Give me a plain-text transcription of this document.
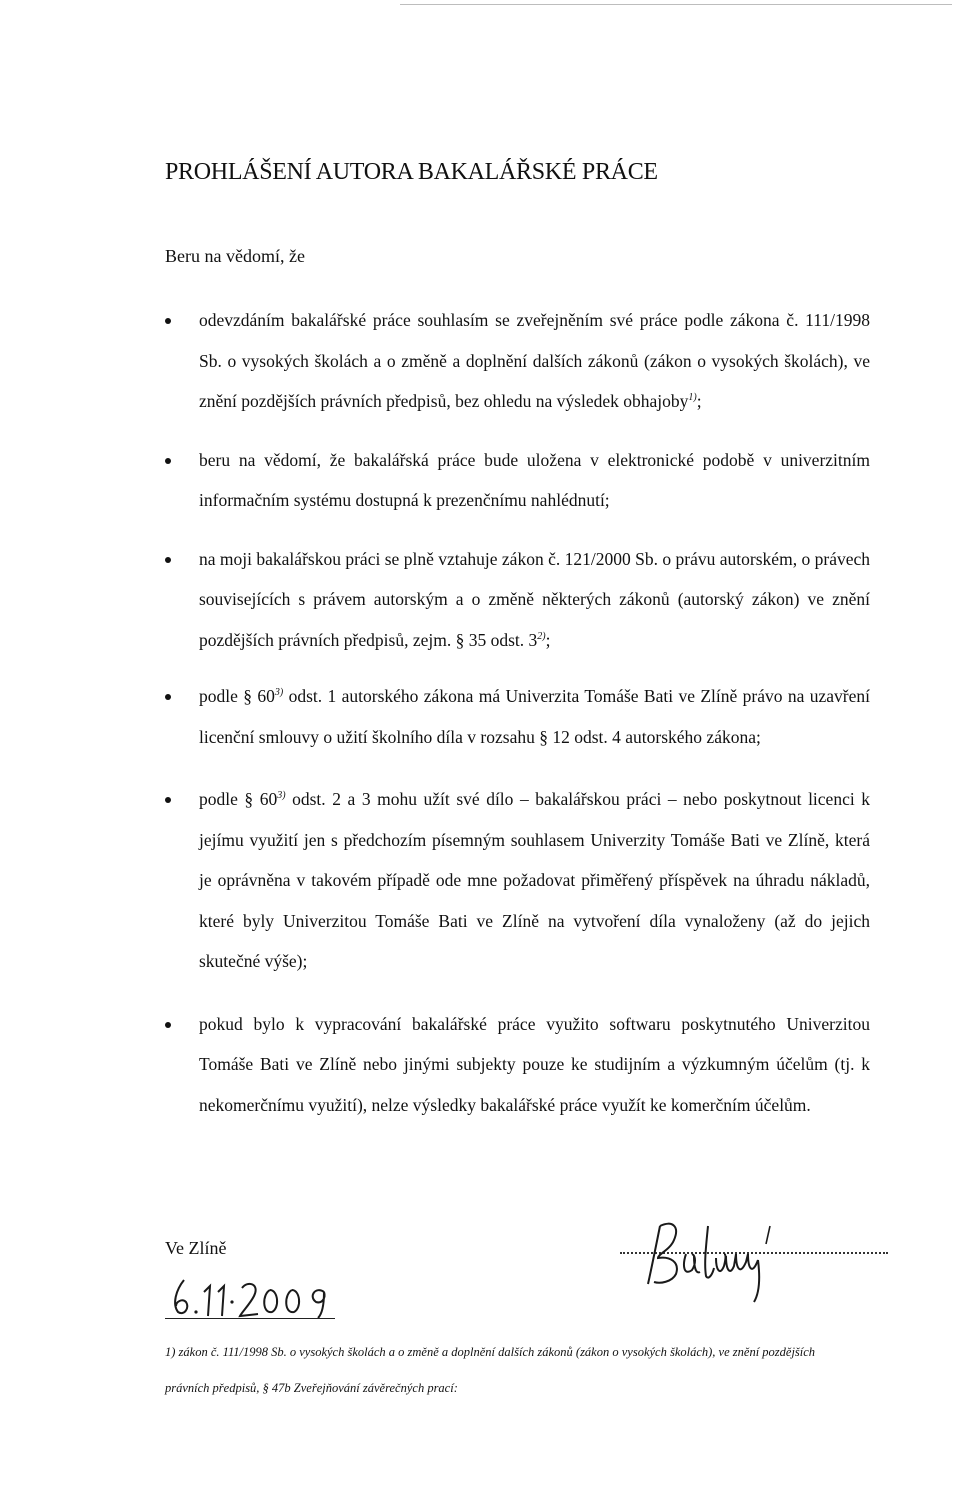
PROHLÁŠENÍ AUTORA BAKALÁŘSKÉ PRÁCE
Beru na vědomí, že
odevzdáním bakalářské práce souhlasím se zveřejněním své práce podle zákona č. 111/1998 Sb. o vysokých školách a o změně a doplnění dalších zákonů (zákon o vysokých školách), ve znění pozdějších právních předpisů, bez ohledu na výsledek obhajoby$^{1)}$;
beru na vědomí, že bakalářská práce bude uložena v elektronické podobě v univerzitním informačním systému dostupná k prezenčnímu nahlédnutí;
na moji bakalářskou práci se plně vztahuje zákon č. 121/2000 Sb. o právu autorském, o právech souvisejících s právem autorským a o změně některých zákonů (autorský zákon) ve znění pozdějších právních předpisů, zejm. § 35 odst. 3$^{2)}$;
podle § 60$^{3)}$ odst. 1 autorského zákona má Univerzita Tomáše Bati ve Zlíně právo na uzavření licenční smlouvy o užití školního díla v rozsahu § 12 odst. 4 autorského zákona;
podle § 60$^{3)}$ odst. 2 a 3 mohu užít své dílo – bakalářskou práci – nebo poskytnout licenci k jejímu využití jen s předchozím písemným souhlasem Univerzity Tomáše Bati ve Zlíně, která je oprávněna v takovém případě ode mne požadovat přiměřený příspěvek na úhradu nákladů, které byly Univerzitou Tomáše Bati ve Zlíně na vytvoření díla vynaloženy (až do jejich skutečné výše);
pokud bylo k vypracování bakalářské práce využito softwaru poskytnutého Univerzitou Tomáše Bati ve Zlíně nebo jinými subjekty pouze ke studijním a výzkumným účelům (tj. k nekomerčnímu využití), nelze výsledky bakalářské práce využít ke komerčním účelům.
Ve Zlíně
1) zákon č. 111/1998 Sb. o vysokých školách a o změně a doplnění dalších zákonů (zákon o vysokých školách), ve znění pozdějších
právních předpisů, § 47b Zveřejňování závěrečných prací:
